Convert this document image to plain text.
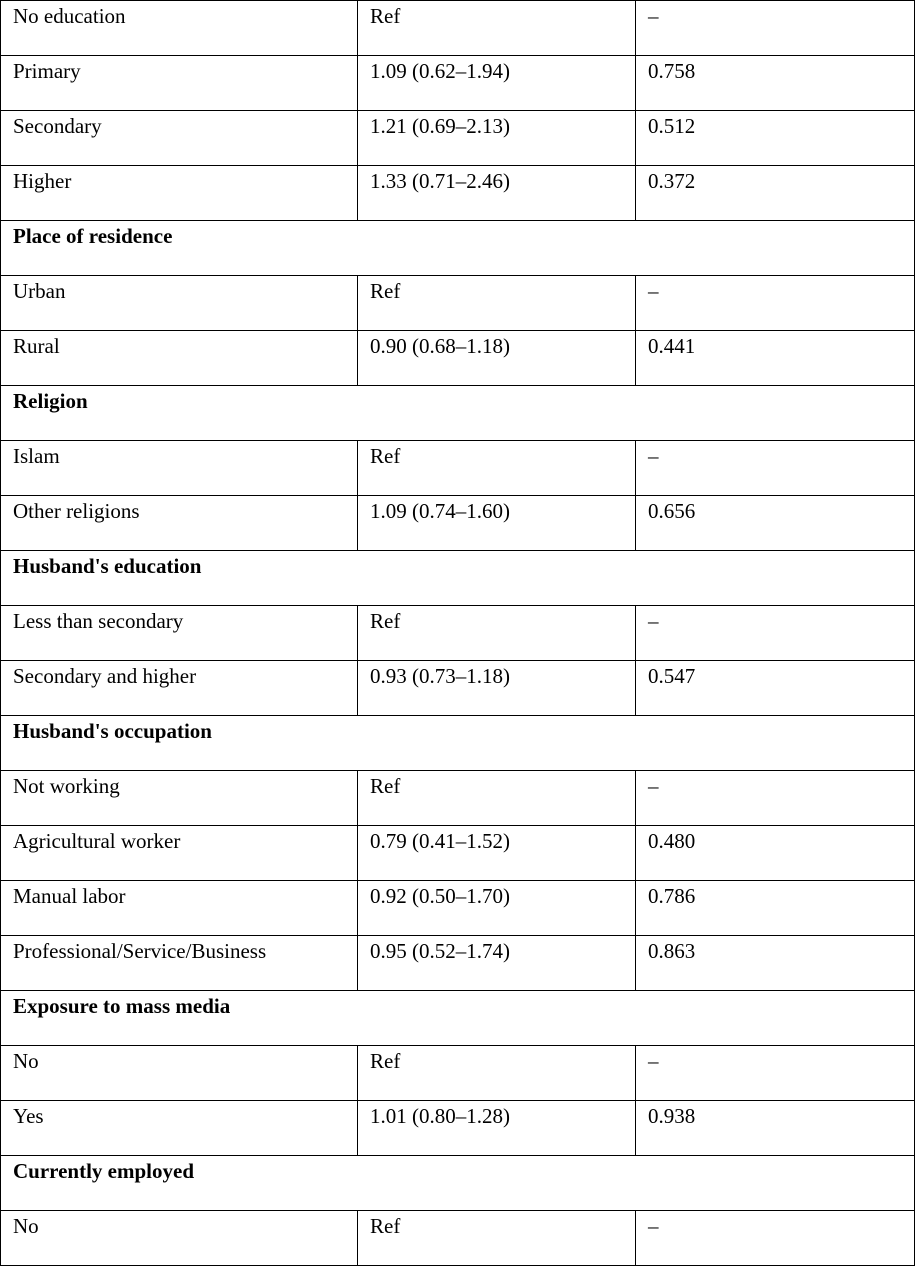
No education	Ref	–
Primary	1.09 (0.62–1.94)	0.758
Secondary	1.21 (0.69–2.13)	0.512
Higher	1.33 (0.71–2.46)	0.372
Place of residence		
Urban	Ref	–
Rural	0.90 (0.68–1.18)	0.441
Religion		
Islam	Ref	–
Other religions	1.09 (0.74–1.60)	0.656
Husband's education		
Less than secondary	Ref	–
Secondary and higher	0.93 (0.73–1.18)	0.547
Husband's occupation		
Not working	Ref	–
Agricultural worker	0.79 (0.41–1.52)	0.480
Manual labor	0.92 (0.50–1.70)	0.786
Professional/Service/Business	0.95 (0.52–1.74)	0.863
Exposure to mass media		
No	Ref	–
Yes	1.01 (0.80–1.28)	0.938
Currently employed		
No	Ref	–
